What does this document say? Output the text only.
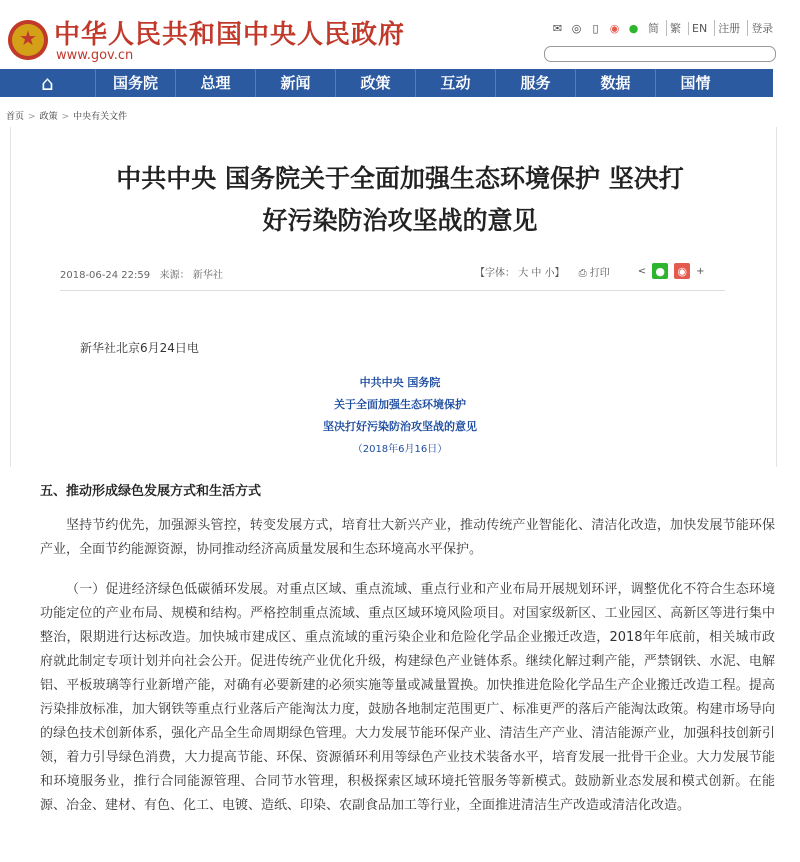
★
中华人民共和国中央人民政府
www.gov.cn
✉ ◎	▯	◉ ● 简	繁	EN	注册	登录
⌂	国务院	总理	新闻	政策	互动	服务	数据	国情
首页 > 政策 > 中央有关文件
中共中央 国务院关于全面加强生态环境保护 坚决打
好污染防治攻坚战的意见
2018-06-24 22:59 来源： 新华社	【字体： 大 中 小】 ⎙ 打印	< ● ◉ +
新华社北京6月24日电
中共中央 国务院
关于全面加强生态环境保护
坚决打好污染防治攻坚战的意见
（2018年6月16日）
五、推动形成绿色发展方式和生活方式
坚持节约优先，加强源头管控，转变发展方式，培育壮大新兴产业，推动传统产业智能化、清洁化改造，加快发展节能环保产业，全面节约能源资源，协同推动经济高质量发展和生态环境高水平保护。
（一）促进经济绿色低碳循环发展。对重点区域、重点流域、重点行业和产业布局开展规划环评，调整优化不符合生态环境功能定位的产业布局、规模和结构。严格控制重点流域、重点区域环境风险项目。对国家级新区、工业园区、高新区等进行集中整治，限期进行达标改造。加快城市建成区、重点流域的重污染企业和危险化学品企业搬迁改造，2018年年底前，相关城市政府就此制定专项计划并向社会公开。促进传统产业优化升级，构建绿色产业链体系。继续化解过剩产能，严禁钢铁、水泥、电解铝、平板玻璃等行业新增产能，对确有必要新建的必须实施等量或减量置换。加快推进危险化学品生产企业搬迁改造工程。提高污染排放标准，加大钢铁等重点行业落后产能淘汰力度，鼓励各地制定范围更广、标准更严的落后产能淘汰政策。构建市场导向的绿色技术创新体系，强化产品全生命周期绿色管理。大力发展节能环保产业、清洁生产产业、清洁能源产业，加强科技创新引领，着力引导绿色消费，大力提高节能、环保、资源循环利用等绿色产业技术装备水平，培育发展一批骨干企业。大力发展节能和环境服务业，推行合同能源管理、合同节水管理，积极探索区域环境托管服务等新模式。鼓励新业态发展和模式创新。在能源、冶金、建材、有色、化工、电镀、造纸、印染、农副食品加工等行业，全面推进清洁生产改造或清洁化改造。
